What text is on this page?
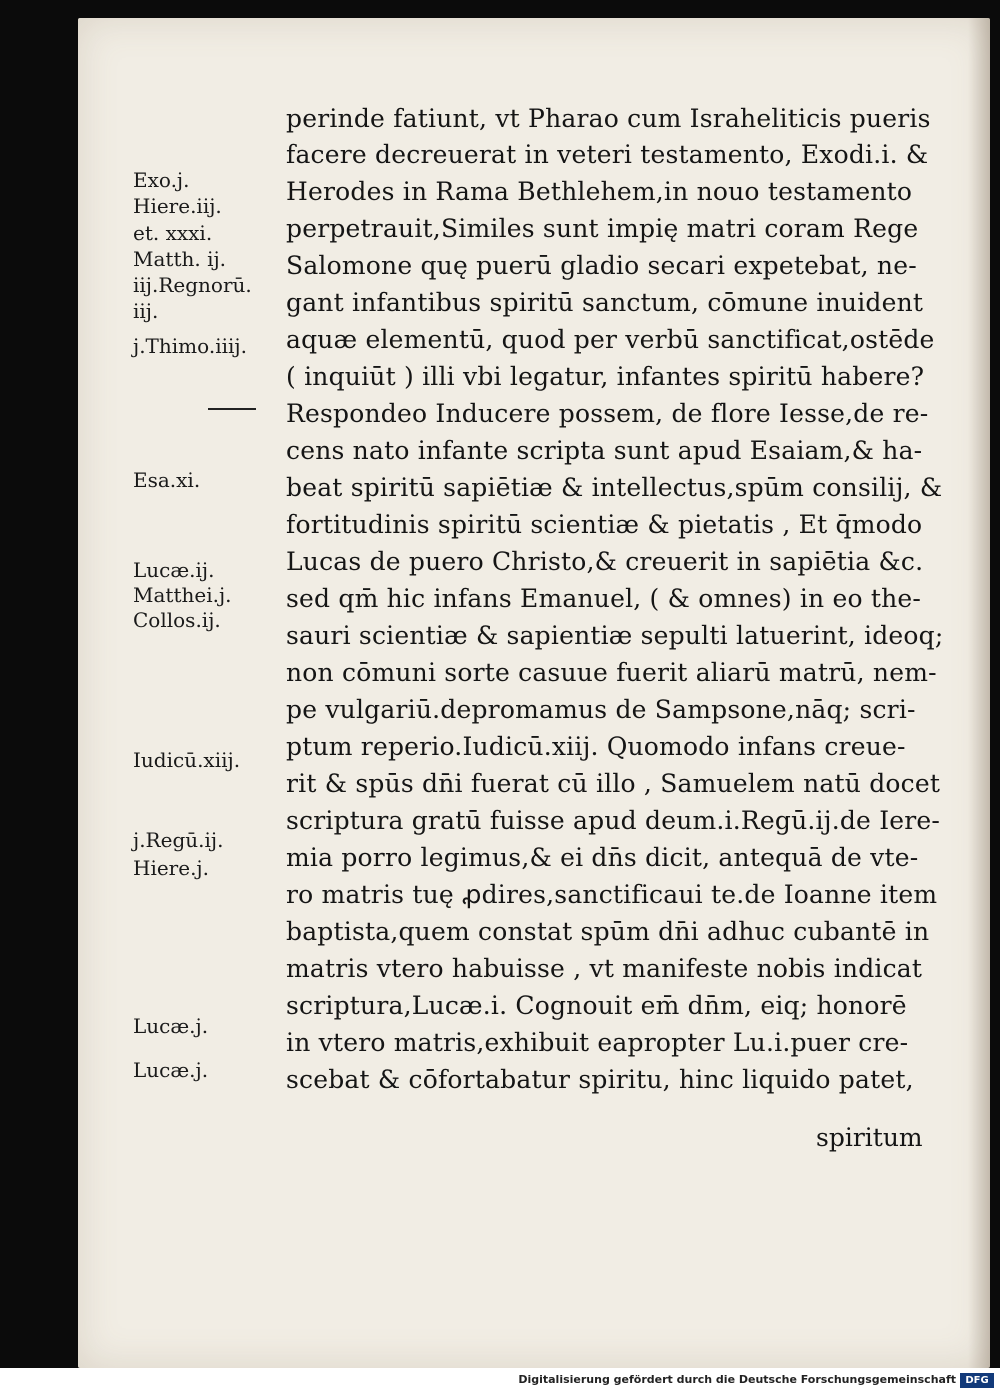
Exo.j.
Hiere.iij.
et. xxxi.
Matth. ij.
iij.Regnorū.
iij.
j.Thimo.iiij.
Esa.xi.
Lucæ.ij.
Matthei.j.
Collos.ij.
Iudicū.xiij.
j.Regū.ij.
Hiere.j.
Lucæ.j.
Lucæ.j.
perinde fatiunt, vt Pharao cum Israheliticis pueris
facere decreuerat in veteri testamento, Exodi.i. &
Herodes in Rama Bethlehem,in nouo testamento
perpetrauit,Similes sunt impię matri coram Rege
Salomone quę puerū gladio secari expetebat, ne-
gant infantibus spiritū sanctum, cōmune inuident
aquæ elementū, quod per verbū sanctificat,ostēde
( inquiūt ) illi vbi legatur, infantes spiritū habere?
Respondeo Inducere possem, de flore Iesse,de re-
cens nato infante scripta sunt apud Esaiam,& ha-
beat spiritū sapiētiæ & intellectus,spūm consilij, &
fortitudinis spiritū scientiæ & pietatis , Et q̄modo
Lucas de puero Christo,& creuerit in sapiētia &c.
sed qm̄ hic infans Emanuel, ( & omnes) in eo the-
sauri scientiæ & sapientiæ sepulti latuerint, ideoq;
non cōmuni sorte casuue fuerit aliarū matrū, nem-
pe vulgariū.depromamus de Sampsone,nāq; scri-
ptum reperio.Iudicū.xiij. Quomodo infans creue-
rit & spūs dn̄i fuerat cū illo , Samuelem natū docet
scriptura gratū fuisse apud deum.i.Regū.ij.de Iere-
mia porro legimus,& ei dn̄s dicit, antequā de vte-
ro matris tuę ꝓdires,sanctificaui te.de Ioanne item
baptista,quem constat spūm dn̄i adhuc cubantē in
matris vtero habuisse , vt manifeste nobis indicat
scriptura,Lucæ.i. Cognouit em̄ dn̄m, eiq; honorē
in vtero matris,exhibuit eapropter Lu.i.puer cre-
scebat & cōfortabatur spiritu, hinc liquido patet,
spiritum
Digitalisierung gefördert durch die Deutsche Forschungsgemeinschaft DFG
